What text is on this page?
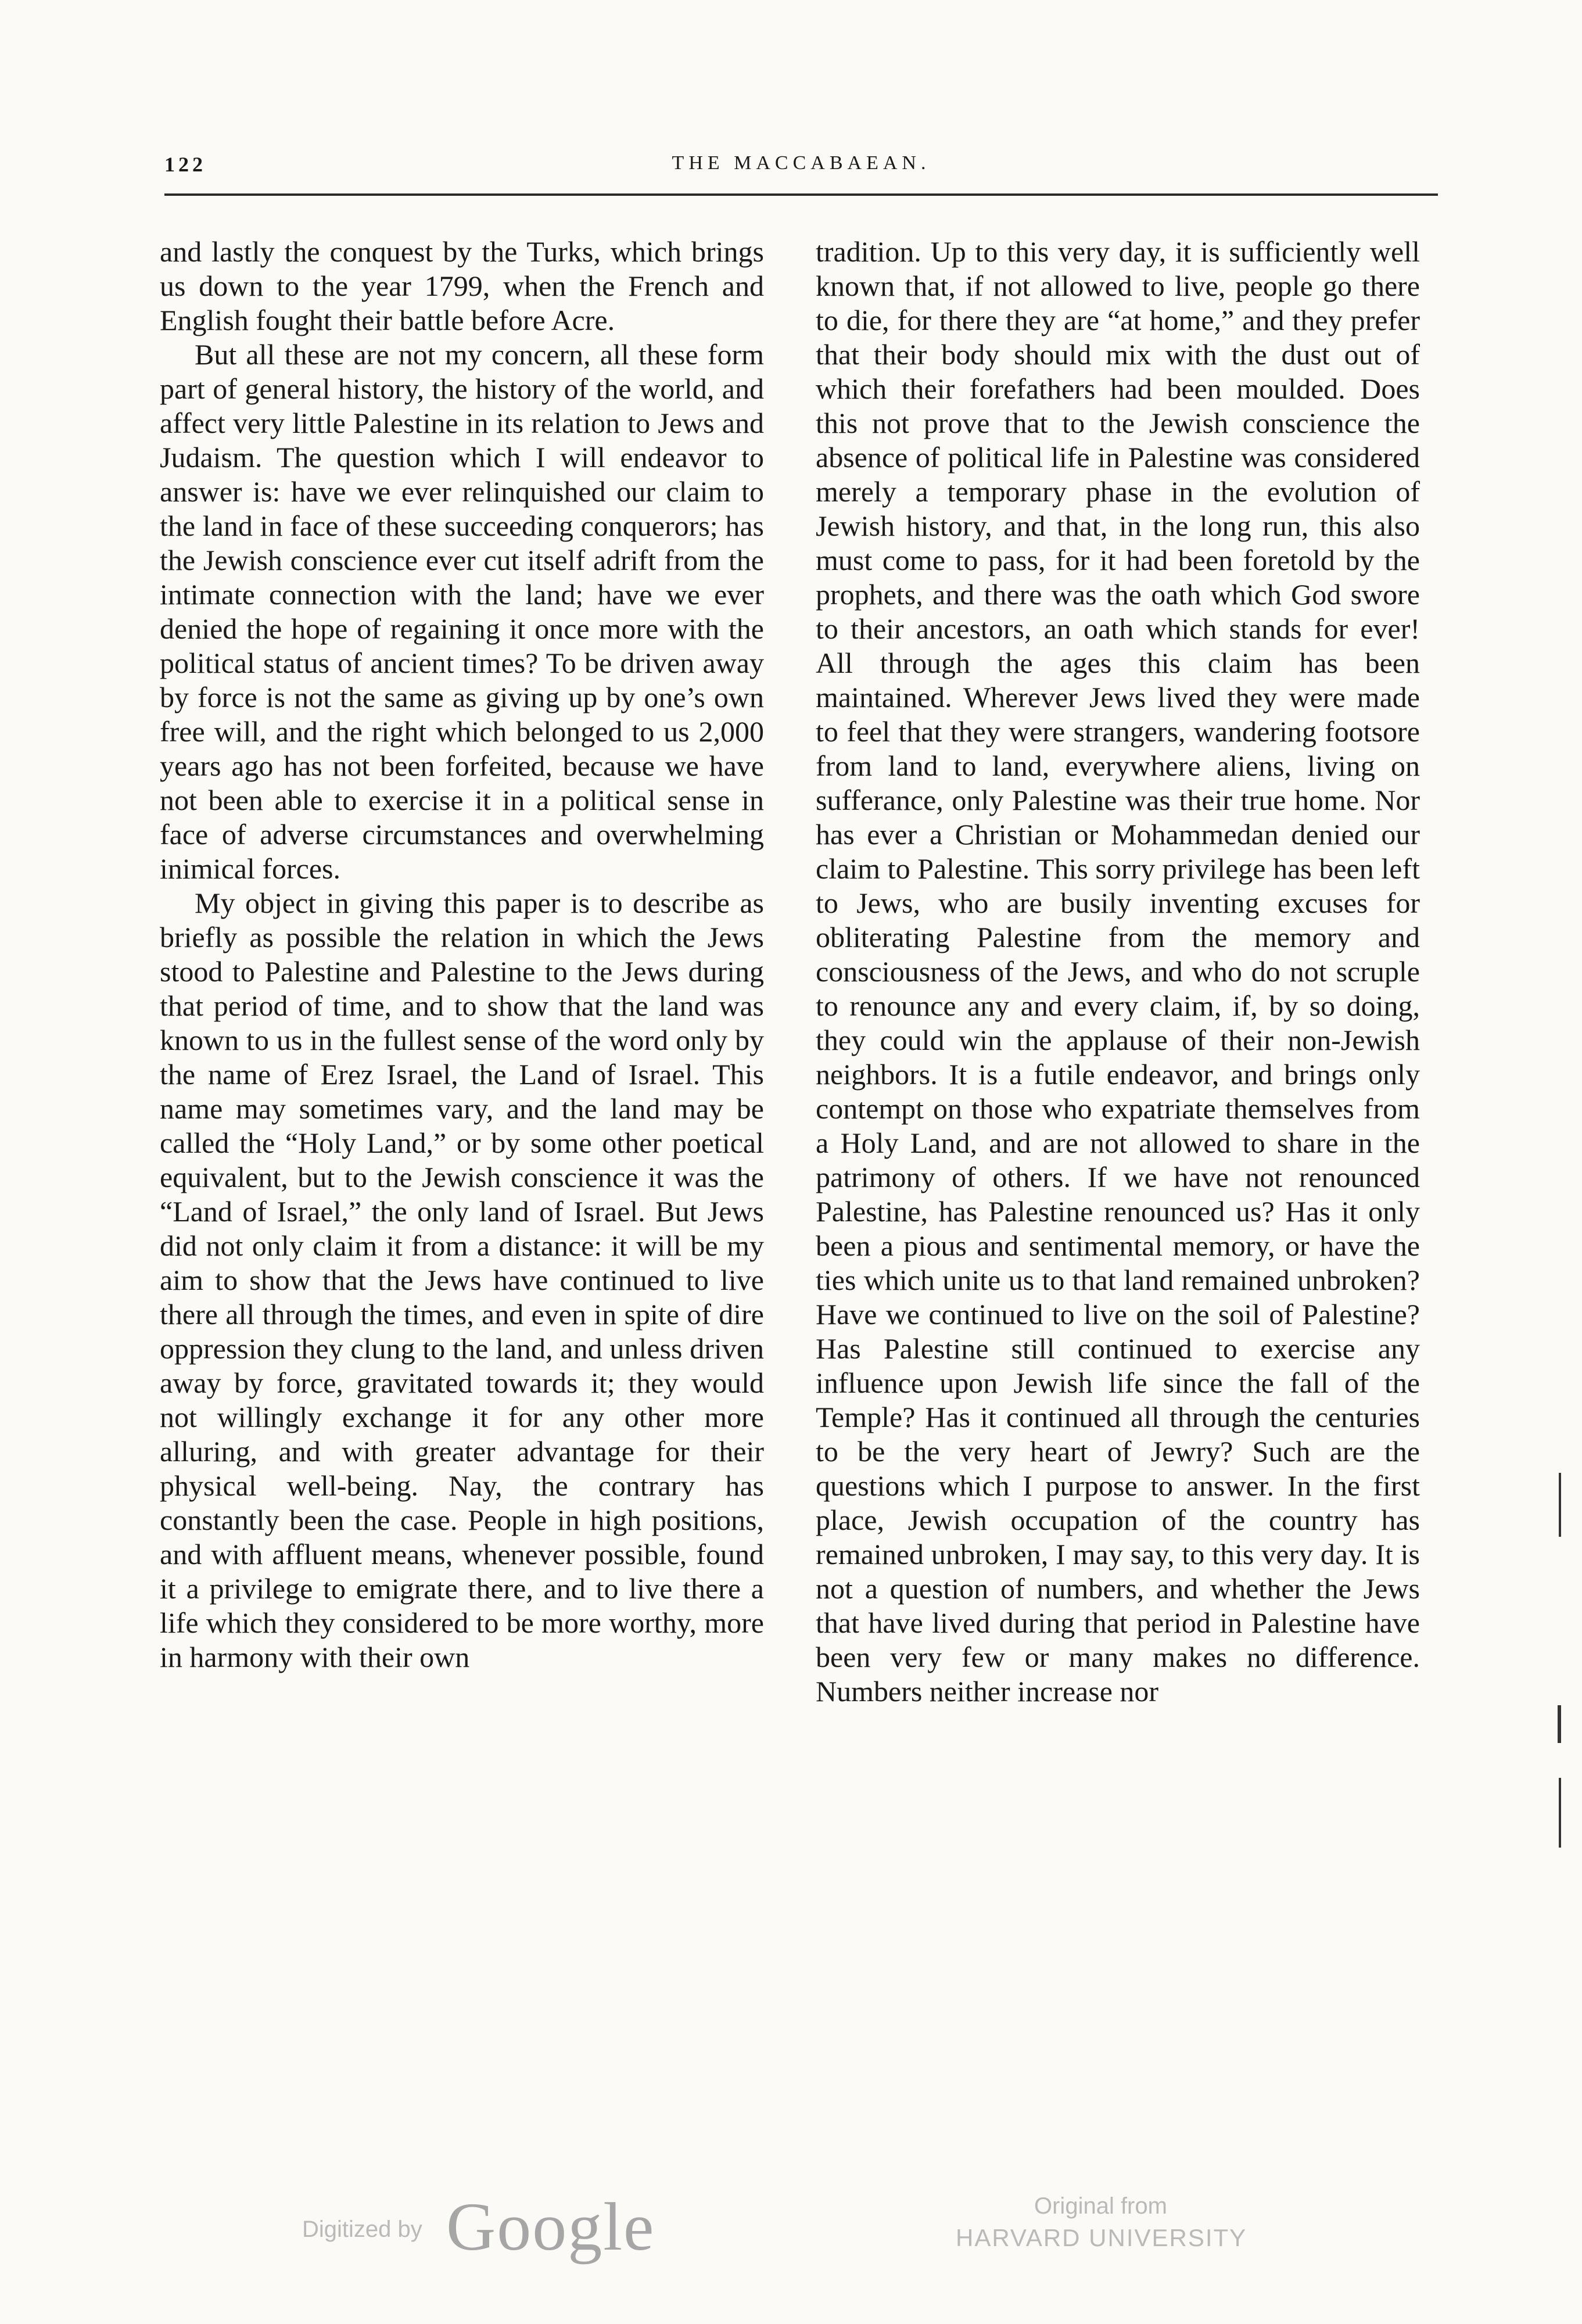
122	THE MACCABAEAN.

and lastly the conquest by the Turks, which brings us down to the year 1799, when the French and English fought their battle before Acre.

But all these are not my concern, all these form part of general history, the history of the world, and affect very little Palestine in its relation to Jews and Judaism. The question which I will endeavor to answer is: have we ever relinquished our claim to the land in face of these succeeding conquerors; has the Jewish conscience ever cut itself adrift from the intimate connection with the land; have we ever denied the hope of regaining it once more with the political status of ancient times? To be driven away by force is not the same as giving up by one’s own free will, and the right which belonged to us 2,000 years ago has not been forfeited, because we have not been able to exercise it in a political sense in face of adverse circumstances and overwhelming inimical forces.

My object in giving this paper is to describe as briefly as possible the relation in which the Jews stood to Palestine and Palestine to the Jews during that period of time, and to show that the land was known to us in the fullest sense of the word only by the name of Erez Israel, the Land of Israel. This name may sometimes vary, and the land may be called the “Holy Land,” or by some other poetical equivalent, but to the Jewish conscience it was the “Land of Israel,” the only land of Israel. But Jews did not only claim it from a distance: it will be my aim to show that the Jews have continued to live there all through the times, and even in spite of dire oppression they clung to the land, and unless driven away by force, gravitated towards it; they would not willingly exchange it for any other more alluring, and with greater advantage for their physical well-being. Nay, the contrary has constantly been the case. People in high positions, and with affluent means, whenever possible, found it a privilege to emigrate there, and to live there a life which they considered to be more worthy, more in harmony with their own

tradition. Up to this very day, it is sufficiently well known that, if not allowed to live, people go there to die, for there they are “at home,” and they prefer that their body should mix with the dust out of which their forefathers had been moulded. Does this not prove that to the Jewish conscience the absence of political life in Palestine was considered merely a temporary phase in the evolution of Jewish history, and that, in the long run, this also must come to pass, for it had been foretold by the prophets, and there was the oath which God swore to their ancestors, an oath which stands for ever! All through the ages this claim has been maintained. Wherever Jews lived they were made to feel that they were strangers, wandering footsore from land to land, everywhere aliens, living on sufferance, only Palestine was their true home. Nor has ever a Christian or Mohammedan denied our claim to Palestine. This sorry privilege has been left to Jews, who are busily inventing excuses for obliterating Palestine from the memory and consciousness of the Jews, and who do not scruple to renounce any and every claim, if, by so doing, they could win the applause of their non-Jewish neighbors. It is a futile endeavor, and brings only contempt on those who expatriate themselves from a Holy Land, and are not allowed to share in the patrimony of others. If we have not renounced Palestine, has Palestine renounced us? Has it only been a pious and sentimental memory, or have the ties which unite us to that land remained unbroken? Have we continued to live on the soil of Palestine? Has Palestine still continued to exercise any influence upon Jewish life since the fall of the Temple? Has it continued all through the centuries to be the very heart of Jewry? Such are the questions which I purpose to answer. In the first place, Jewish occupation of the country has remained unbroken, I may say, to this very day. It is not a question of numbers, and whether the Jews that have lived during that period in Palestine have been very few or many makes no difference. Numbers neither increase nor

Digitized by Google	Original from
HARVARD UNIVERSITY
